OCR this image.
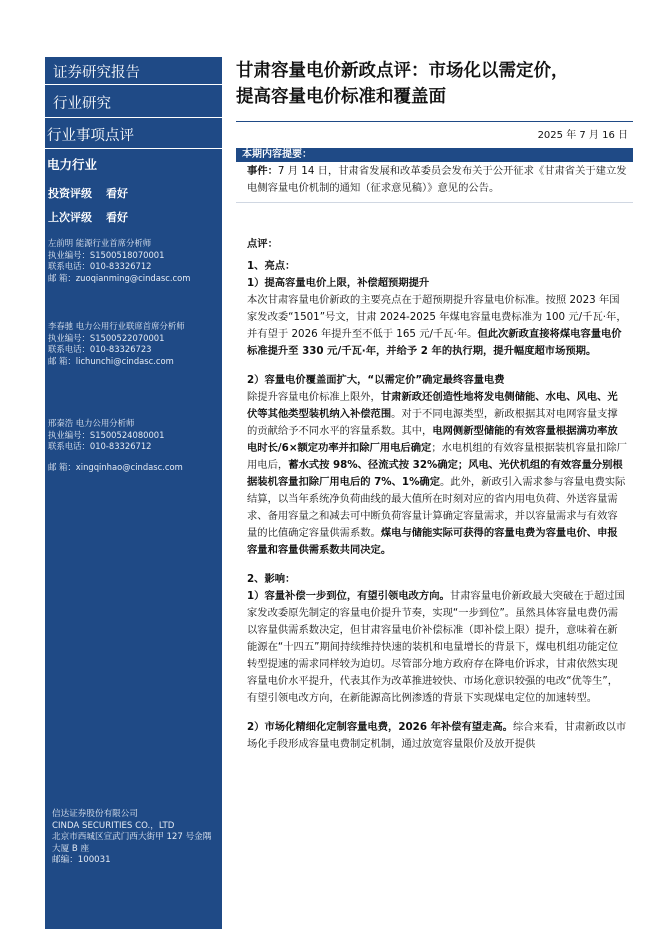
证券研究报告
行业研究
行业事项点评
电力行业
投资评级 看好
上次评级 看好
左前明 能源行业首席分析师
执业编号：S1500518070001
联系电话：010-83326712
邮 箱：zuoqianming@cindasc.com
李春驰 电力公用行业联席首席分析师
执业编号：S1500522070001
联系电话：010-83326723
邮 箱：lichunchi@cindasc.com
邢秦浩 电力公用分析师
执业编号：S1500524080001
联系电话：010-83326712
邮 箱：xingqinhao@cindasc.com
信达证券股份有限公司
CINDA SECURITIES CO.，LTD
北京市西城区宣武门西大街甲 127 号金隅
大厦 B 座
邮编：100031
甘肃容量电价新政点评：市场化以需定价，
提高容量电价标准和覆盖面
2025 年 7 月 16 日
本期内容提要：

事件：7 月 14 日，甘肃省发展和改革委员会发布关于公开征求《甘肃省关于建立发电侧容量电价机制的通知（征求意见稿）》意见的公告。

点评：

1、亮点：

1）提高容量电价上限，补偿超预期提升

本次甘肃容量电价新政的主要亮点在于超预期提升容量电价标准。按照 2023 年国家发改委“1501”号文，甘肃 2024-2025 年煤电容量电费标准为 100 元/千瓦·年，并有望于 2026 年提升至不低于 165 元/千瓦·年。但此次新政直接将煤电容量电价标准提升至 330 元/千瓦·年，并给予 2 年的执行期，提升幅度超市场预期。

2）容量电价覆盖面扩大，“以需定价”确定最终容量电费

除提升容量电价标准上限外，甘肃新政还创造性地将发电侧储能、水电、风电、光伏等其他类型装机纳入补偿范围。对于不同电源类型，新政根据其对电网容量支撑的贡献给予不同水平的容量系数。其中，电网侧新型储能的有效容量根据满功率放电时长/6×额定功率并扣除厂用电后确定；水电机组的有效容量根据装机容量扣除厂用电后，蓄水式按 98%、径流式按 32%确定；风电、光伏机组的有效容量分别根据装机容量扣除厂用电后的 7%、1%确定。此外，新政引入需求参与容量电费实际结算，以当年系统净负荷曲线的最大值所在时刻对应的省内用电负荷、外送容量需求、备用容量之和减去可中断负荷容量计算确定容量需求，并以容量需求与有效容量的比值确定容量供需系数。煤电与储能实际可获得的容量电费为容量电价、申报容量和容量供需系数共同决定。

2、影响：

1）容量补偿一步到位，有望引领电改方向。甘肃容量电价新政最大突破在于超过国家发改委原先制定的容量电价提升节奏，实现“一步到位”。虽然具体容量电费仍需以容量供需系数决定，但甘肃容量电价补偿标准（即补偿上限）提升，意味着在新能源在“十四五”期间持续维持快速的装机和电量增长的背景下，煤电机组功能定位转型提速的需求同样较为迫切。尽管部分地方政府存在降电价诉求，甘肃依然实现容量电价水平提升，代表其作为改革推进较快、市场化意识较强的电改“优等生”，有望引领电改方向，在新能源高比例渗透的背景下实现煤电定位的加速转型。

2）市场化精细化定制容量电费，2026 年补偿有望走高。综合来看，甘肃新政以市场化手段形成容量电费制定机制，通过放宽容量限价及放开提供
